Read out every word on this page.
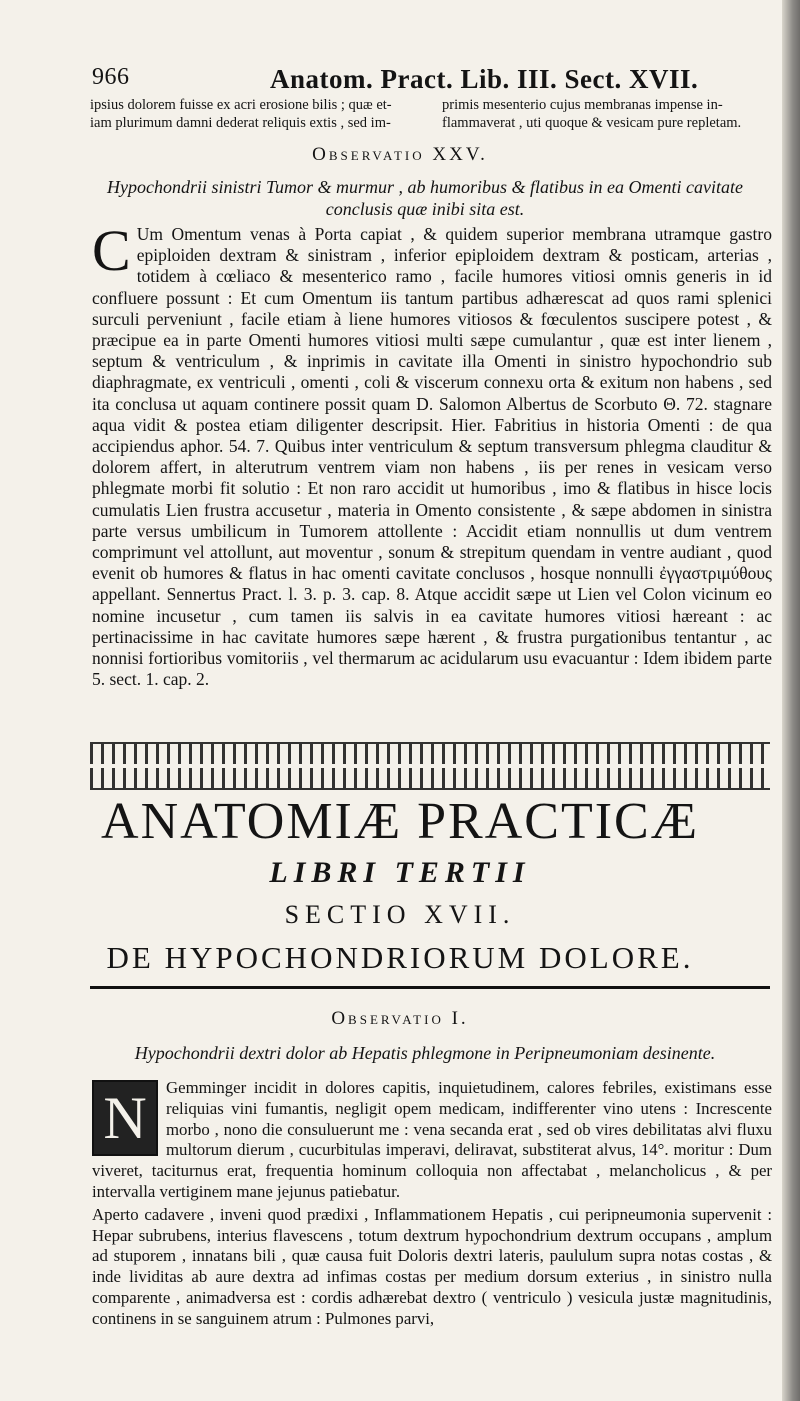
966	Anatom. Pract. Lib. III. Sect. XVII.
ipsius dolorem fuisse ex acri erosione bilis ; quæ et-
iam plurimum damni dederat reliquis extis , sed im-
primis mesenterio cujus membranas impense in-
flammaverat , uti quoque & vesicam pure repletam.
Observatio XXV.
Hypochondrii sinistri Tumor & murmur , ab humoribus & flatibus in ea Omenti cavitate conclusis quæ inibi sita est.
C Um Omentum venas à Porta capiat , & quidem superior membrana utramque gastro epiploiden dextram & sinistram , inferior epiploidem dextram & posticam, arterias , totidem à cœliaco & mesenterico ramo , facile humores vitiosi omnis generis in id confluere possunt : Et cum Omentum iis tantum partibus adhærescat ad quos rami splenici surculi perveniunt , facile etiam à liene humores vitiosos & fœculentos suscipere potest , & præcipue ea in parte Omenti humores vitiosi multi sæpe cumulantur , quæ est inter lienem , septum & ventriculum , & inprimis in cavitate illa Omenti in sinistro hypochondrio sub diaphragmate, ex ventriculi , omenti , coli & viscerum connexu orta & exitum non habens , sed ita conclusa ut aquam continere possit quam D. Salomon Albertus de Scorbuto Θ. 72. stagnare aqua vidit & postea etiam diligenter descripsit. Hier. Fabritius in historia Omenti : de qua accipiendus aphor. 54. 7. Quibus inter ventriculum & septum transversum phlegma clauditur & dolorem affert, in alterutrum ventrem viam non habens , iis per renes in vesicam verso phlegmate morbi fit solutio : Et non raro accidit ut humoribus , imo & flatibus in hisce locis cumulatis Lien frustra accusetur , materia in Omento consistente , & sæpe abdomen in sinistra parte versus umbilicum in Tumorem attollente : Accidit etiam nonnullis ut dum ventrem comprimunt vel attollunt, aut moventur , sonum & strepitum quendam in ventre audiant , quod evenit ob humores & flatus in hac omenti cavitate conclusos , hosque nonnulli ἐγγαστριμύθους appellant. Sennertus Pract. l. 3. p. 3. cap. 8. Atque accidit sæpe ut Lien vel Colon vicinum eo nomine incusetur , cum tamen iis salvis in ea cavitate humores vitiosi hæreant : ac pertinacissime in hac cavitate humores sæpe hærent , & frustra purgationibus tentantur , ac nonnisi fortioribus vomitoriis , vel thermarum ac acidularum usu evacuantur : Idem ibidem parte 5. sect. 1. cap. 2.
ANATOMIÆ PRACTICÆ
LIBRI TERTII
SECTIO XVII.
DE HYPOCHONDRIORUM DOLORE.
Observatio I.
Hypochondrii dextri dolor ab Hepatis phlegmone in Peripneumoniam desinente.
N	Gemminger incidit in dolores capitis, inquietudinem, calores febriles, existimans esse reliquias vini fumantis, negligit opem medicam, indifferenter vino utens : Increscente morbo , nono die consuluerunt me : vena secanda erat , sed ob vires debilitatas alvi fluxu multorum dierum , cucurbitulas imperavi, deliravat, substiterat alvus, 14°. moritur : Dum viveret, taciturnus erat, frequentia hominum colloquia non affectabat , melancholicus , & per intervalla vertiginem mane jejunus patiebatur.
Aperto cadavere , inveni quod prædixi , Inflammationem Hepatis , cui peripneumonia supervenit : Hepar subrubens, interius flavescens , totum dextrum hypochondrium dextrum occupans , amplum ad stuporem , innatans bili , quæ causa fuit Doloris dextri lateris, paululum supra notas costas , & inde lividitas ab aure dextra ad infimas costas per medium dorsum exterius , in sinistro nulla comparente , animadversa est : cordis adhærebat dextro ( ventriculo ) vesicula justæ magnitudinis, continens in se sanguinem atrum : Pulmones parvi,
